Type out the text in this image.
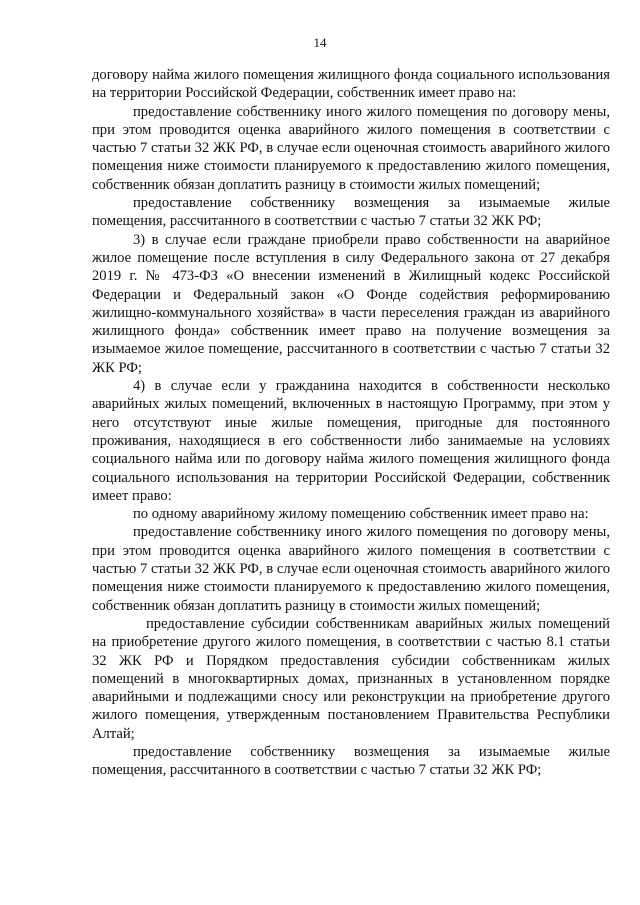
14

договору найма жилого помещения жилищного фонда социального использования на территории Российской Федерации, собственник имеет право на:

предоставление собственнику иного жилого помещения по договору мены, при этом проводится оценка аварийного жилого помещения в соответствии с частью 7 статьи 32 ЖК РФ, в случае если оценочная стоимость аварийного жилого помещения ниже стоимости планируемого к предоставлению жилого помещения, собственник обязан доплатить разницу в стоимости жилых помещений;

предоставление собственнику возмещения за изымаемые жилые помещения, рассчитанного в соответствии с частью 7 статьи 32 ЖК РФ;

3) в случае если граждане приобрели право собственности на аварийное жилое помещение после вступления в силу Федерального закона от 27 декабря 2019 г. № 473-ФЗ «О внесении изменений в Жилищный кодекс Российской Федерации и Федеральный закон «О Фонде содействия реформированию жилищно-коммунального хозяйства» в части переселения граждан из аварийного жилищного фонда» собственник имеет право на получение возмещения за изымаемое жилое помещение, рассчитанного в соответствии с частью 7 статьи 32 ЖК РФ;

4) в случае если у гражданина находится в собственности несколько аварийных жилых помещений, включенных в настоящую Программу, при этом у него отсутствуют иные жилые помещения, пригодные для постоянного проживания, находящиеся в его собственности либо занимаемые на условиях социального найма или по договору найма жилого помещения жилищного фонда социального использования на территории Российской Федерации, собственник имеет право:

по одному аварийному жилому помещению собственник имеет право на:

предоставление собственнику иного жилого помещения по договору мены, при этом проводится оценка аварийного жилого помещения в соответствии с частью 7 статьи 32 ЖК РФ, в случае если оценочная стоимость аварийного жилого помещения ниже стоимости планируемого к предоставлению жилого помещения, собственник обязан доплатить разницу в стоимости жилых помещений;

предоставление субсидии собственникам аварийных жилых помещений на приобретение другого жилого помещения, в соответствии с частью 8.1 статьи 32 ЖК РФ и Порядком предоставления субсидии собственникам жилых помещений в многоквартирных домах, признанных в установленном порядке аварийными и подлежащими сносу или реконструкции на приобретение другого жилого помещения, утвержденным постановлением Правительства Республики Алтай;

предоставление собственнику возмещения за изымаемые жилые помещения, рассчитанного в соответствии с частью 7 статьи 32 ЖК РФ;
